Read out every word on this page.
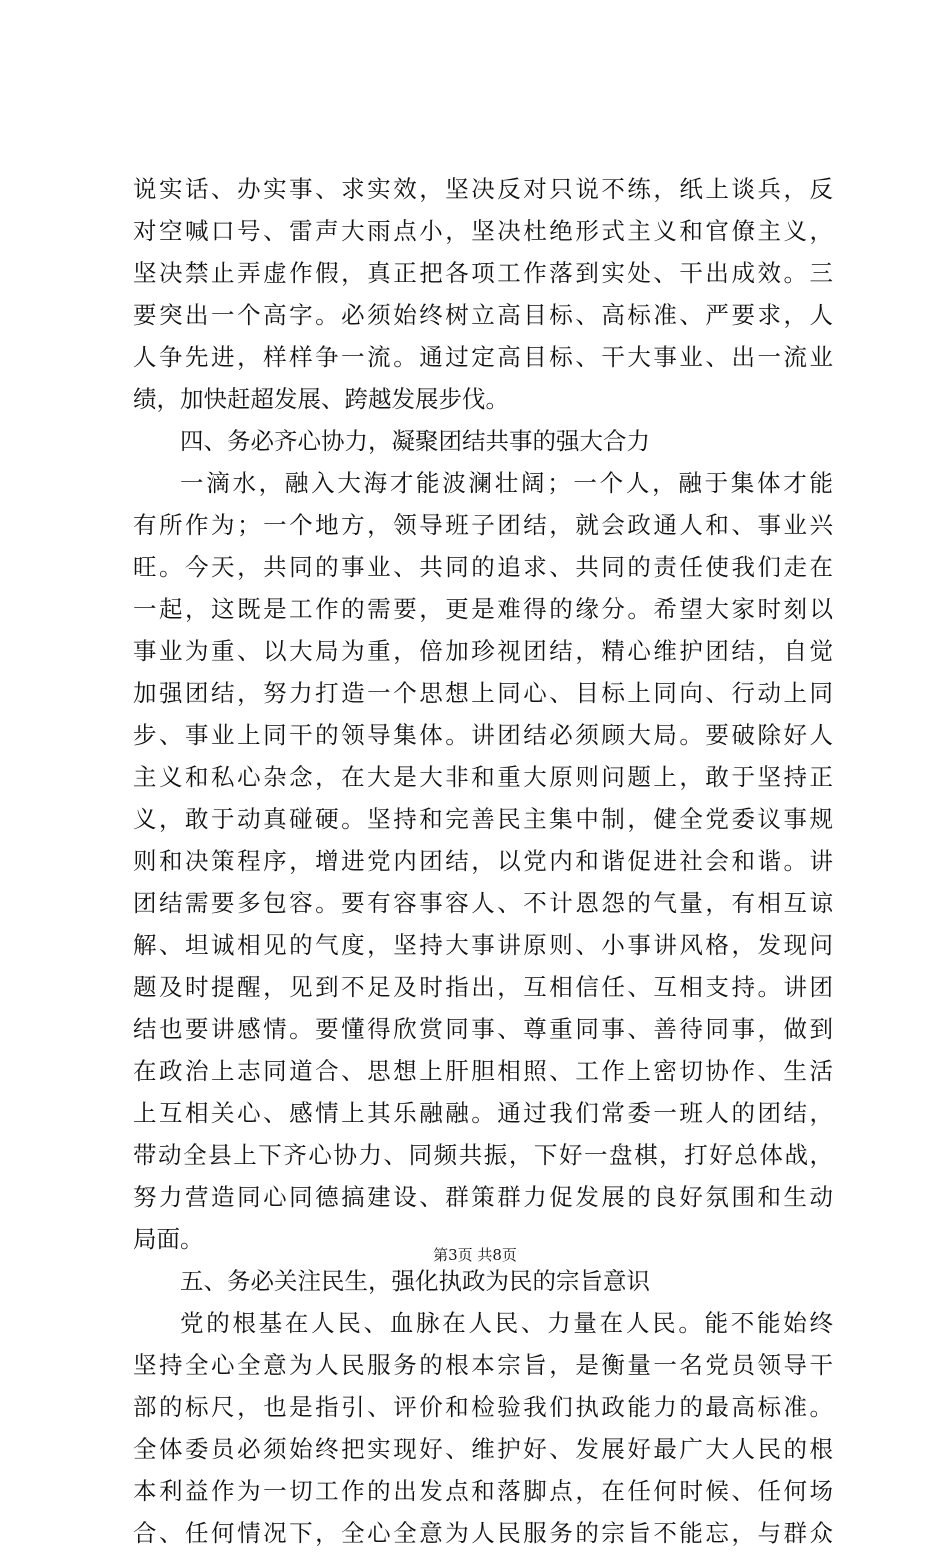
说实话、办实事、求实效，坚决反对只说不练，纸上谈兵，反
对空喊口号、雷声大雨点小，坚决杜绝形式主义和官僚主义，
坚决禁止弄虚作假，真正把各项工作落到实处、干出成效。三
要突出一个高字。必须始终树立高目标、高标准、严要求，人
人争先进，样样争一流。通过定高目标、干大事业、出一流业
绩，加快赶超发展、跨越发展步伐。
四、务必齐心协力，凝聚团结共事的强大合力
一滴水，融入大海才能波澜壮阔；一个人，融于集体才能
有所作为；一个地方，领导班子团结，就会政通人和、事业兴
旺。今天，共同的事业、共同的追求、共同的责任使我们走在
一起，这既是工作的需要，更是难得的缘分。希望大家时刻以
事业为重、以大局为重，倍加珍视团结，精心维护团结，自觉
加强团结，努力打造一个思想上同心、目标上同向、行动上同
步、事业上同干的领导集体。讲团结必须顾大局。要破除好人
主义和私心杂念，在大是大非和重大原则问题上，敢于坚持正
义，敢于动真碰硬。坚持和完善民主集中制，健全党委议事规
则和决策程序，增进党内团结，以党内和谐促进社会和谐。讲
团结需要多包容。要有容事容人、不计恩怨的气量，有相互谅
解、坦诚相见的气度，坚持大事讲原则、小事讲风格，发现问
题及时提醒，见到不足及时指出，互相信任、互相支持。讲团
结也要讲感情。要懂得欣赏同事、尊重同事、善待同事，做到
在政治上志同道合、思想上肝胆相照、工作上密切协作、生活
上互相关心、感情上其乐融融。通过我们常委一班人的团结，
带动全县上下齐心协力、同频共振，下好一盘棋，打好总体战，
努力营造同心同德搞建设、群策群力促发展的良好氛围和生动
局面。
五、务必关注民生，强化执政为民的宗旨意识
党的根基在人民、血脉在人民、力量在人民。能不能始终
坚持全心全意为人民服务的根本宗旨，是衡量一名党员领导干
部的标尺，也是指引、评价和检验我们执政能力的最高标准。
全体委员必须始终把实现好、维护好、发展好最广大人民的根
本利益作为一切工作的出发点和落脚点，在任何时候、任何场
合、任何情况下，全心全意为人民服务的宗旨不能忘，与群众
第3页 共8页
